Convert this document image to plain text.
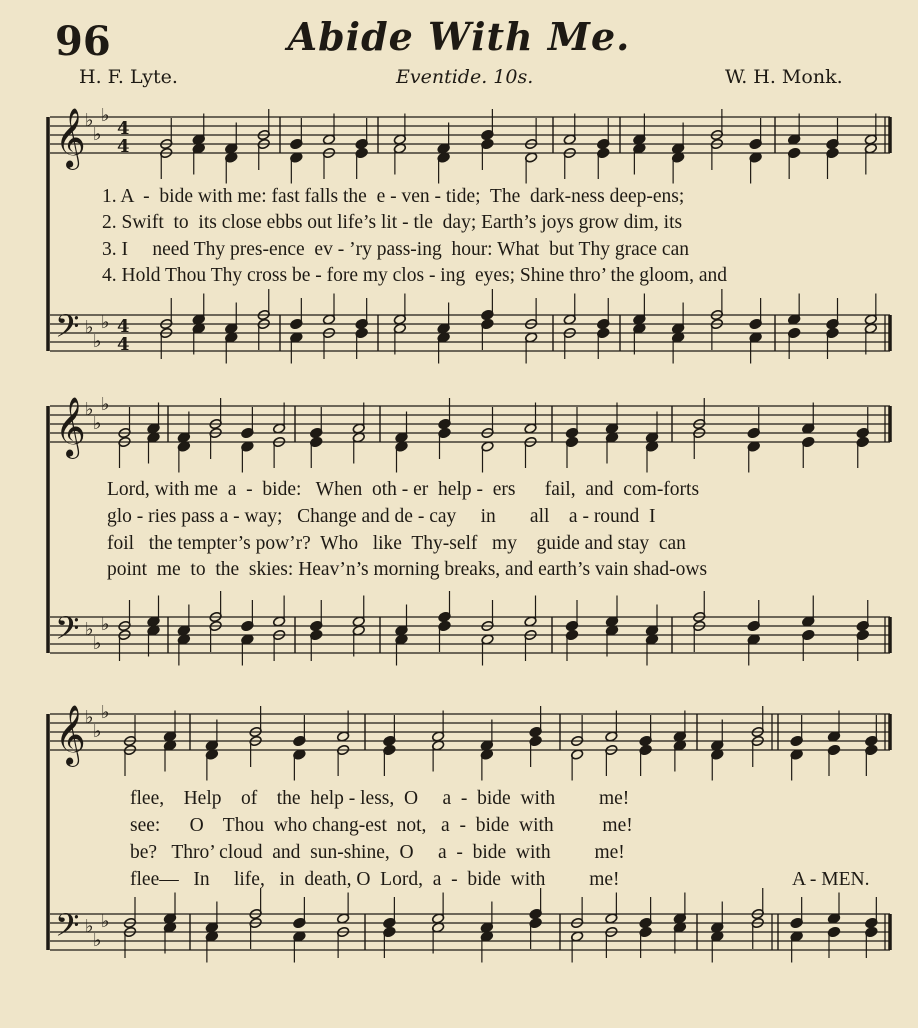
96	Abide With Me.
H. F. Lyte.	Eventide. 10s.	W. H. Monk.
𝄞
𝄢
♭
♭
♭
♭
♭
♭
4
4
4
4
𝄞
𝄢
♭
♭
♭
♭
♭
♭
𝄞
𝄢
♭
♭
♭
♭
♭
♭
1. A  -  bide with me: fast falls the  e - ven - tide;  The  dark-ness deep-ens;
2. Swift  to  its close ebbs out life’s lit - tle  day; Earth’s joys grow dim, its
3. I     need Thy pres-ence  ev - ’ry pass-ing  hour: What  but Thy grace can
4. Hold Thou Thy cross be - fore my clos - ing  eyes; Shine thro’ the gloom, and
Lord, with me  a  -  bide:   When  oth - er  help -  ers      fail,  and  com-forts
glo - ries pass a - way;   Change and de - cay     in       all    a - round  I
foil   the tempter’s pow’r?  Who   like  Thy-self   my    guide and stay  can
point  me  to  the  skies: Heav’n’s morning breaks, and earth’s vain shad-ows
flee,    Help    of    the  help - less,  O     a  -  bide  with         me!
see:      O    Thou  who chang-est  not,   a  -  bide  with          me!
be?   Thro’ cloud  and  sun-shine,  O     a  -  bide  with         me!
flee—   In     life,   in  death, O  Lord,  a  -  bide  with         me!	A - MEN.
